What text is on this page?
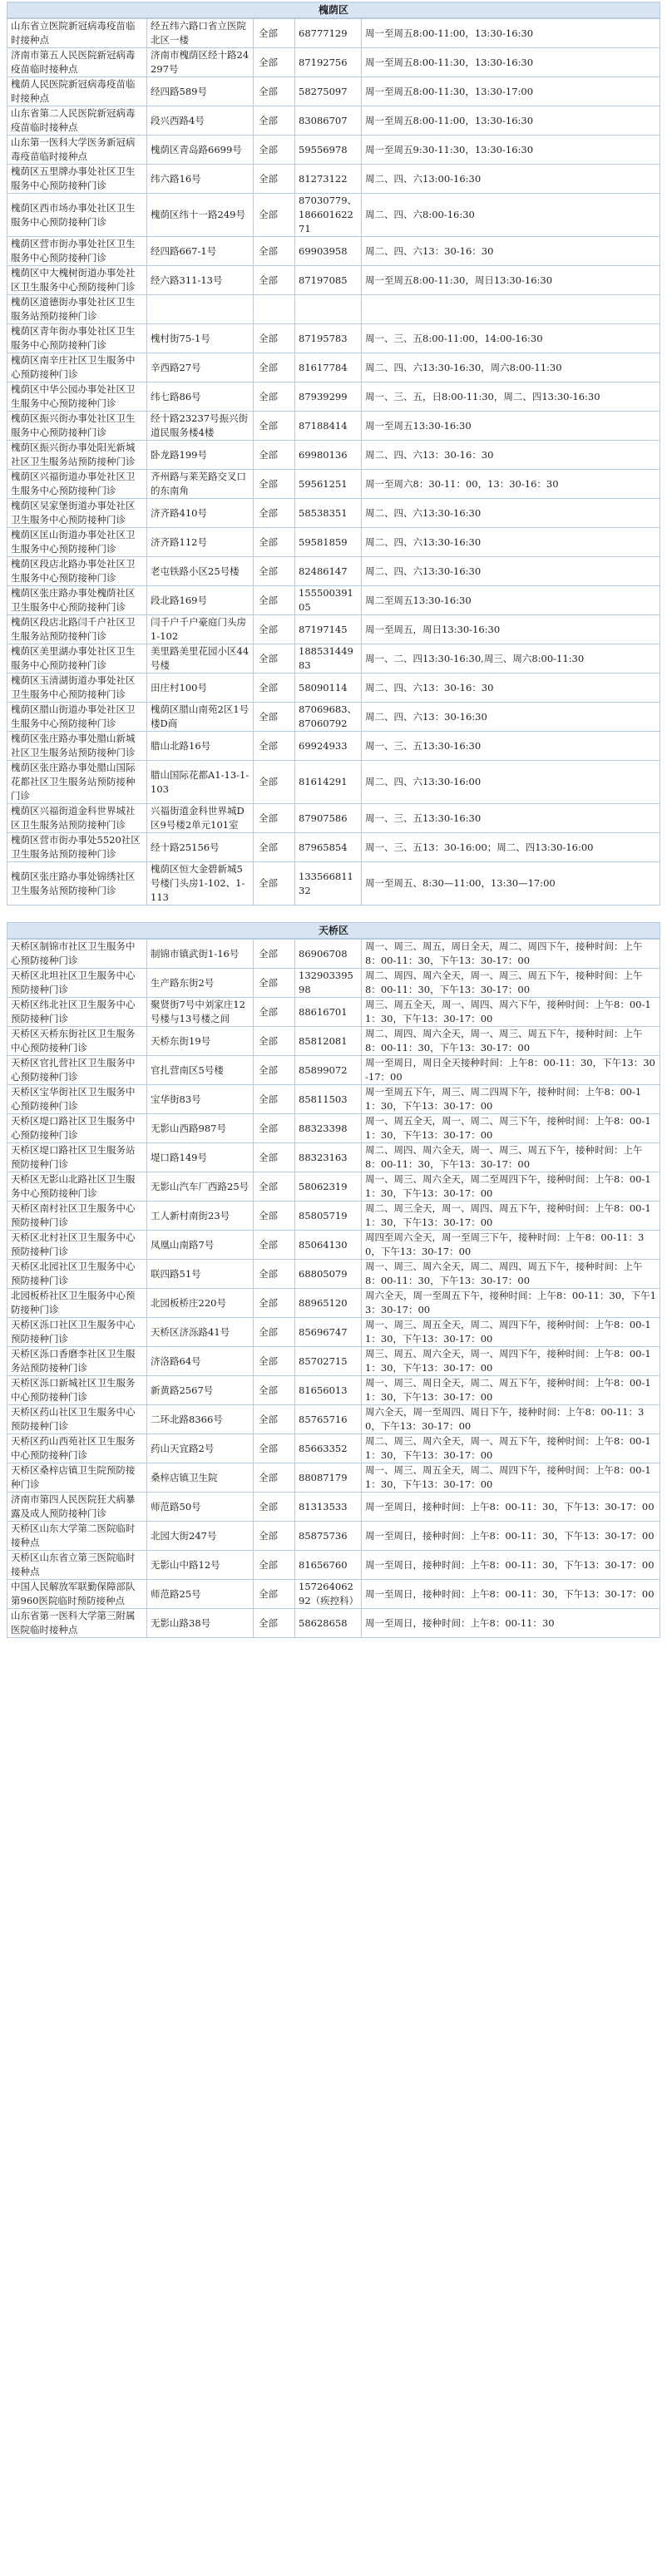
槐荫区
山东省立医院新冠病毒疫苗临时接种点	经五纬六路口省立医院北区一楼	全部	68777129	周一至周五8:00-11:00，13:30-16:30
济南市第五人民医院新冠病毒疫苗临时接种点	济南市槐荫区经十路24297号	全部	87192756	周一至周五8:00-11:30，13:30-16:30
槐荫人民医院新冠病毒疫苗临时接种点	经四路589号	全部	58275097	周一至周五8:00-11:30，13:30-17:00
山东省第二人民医院新冠病毒疫苗临时接种点	段兴西路4号	全部	83086707	周一至周五8:00-11:00，13:30-16:30
山东第一医科大学医务新冠病毒疫苗临时接种点	槐荫区青岛路6699号	全部	59556978	周一至周五9:30-11:30，13:30-16:30
槐荫区五里牌办事处社区卫生服务中心预防接种门诊	纬六路16号	全部	81273122	周二、四、六13:00-16:30
槐荫区西市场办事处社区卫生服务中心预防接种门诊	槐荫区纬十一路249号	全部	87030779、18660162271	周二、四、六8:00-16:30
槐荫区营市街办事处社区卫生服务中心预防接种门诊	经四路667-1号	全部	69903958	周二、四、六13：30-16：30
槐荫区中大槐树街道办事处社区卫生服务中心预防接种门诊	经六路311-13号	全部	87197085	周一至周五8:00-11:30，周日13:30-16:30
槐荫区道德街办事处社区卫生服务站预防接种门诊				
槐荫区青年街办事处社区卫生服务中心预防接种门诊	槐村街75-1号	全部	87195783	周一、三、五8:00-11:00，14:00-16:30
槐荫区南辛庄社区卫生服务中心预防接种门诊	辛西路27号	全部	81617784	周二、四、六13:30-16:30，周六8:00-11:30
槐荫区中华公园办事处社区卫生服务中心预防接种门诊	纬七路86号	全部	87939299	周一、三、五，日8:00-11:30，周二、四13:30-16:30
槐荫区振兴街办事处社区卫生服务中心预防接种门诊	经十路23237号振兴街道民服务楼4楼	全部	87188414	周一至周五13:30-16:30
槐荫区振兴街办事处阳光新城社区卫生服务站预防接种门诊	卧龙路199号	全部	69980136	周二、四、六13：30-16：30
槐荫区兴福街道办事处社区卫生服务中心预防接种门诊	齐州路与莱芜路交叉口的东南角	全部	59561251	周一至周六8：30-11：00，13：30-16：30
槐荫区吴家堡街道办事处社区卫生服务中心预防接种门诊	济齐路410号	全部	58538351	周二、四、六13:30-16:30
槐荫区匡山街道办事处社区卫生服务中心预防接种门诊	济齐路112号	全部	59581859	周二、四、六13:30-16:30
槐荫区段店北路办事处社区卫生服务中心预防接种门诊	老屯铁路小区25号楼	全部	82486147	周二、四、六13:30-16:30
槐荫区张庄路办事处槐荫社区卫生服务中心预防接种门诊	段北路169号	全部	15550039105	周二至周五13:30-16:30
槐荫区段店北路闫千户社区卫生服务站预防接种门诊	闫千户千户豪庭门头房1-102	全部	87197145	周一至周五，周日13:30-16:30
槐荫区美里湖办事处社区卫生服务中心预防接种门诊	美里路美里花园小区44号楼	全部	18853144983	周一、二、四13:30-16:30,周三、周六8:00-11:30
槐荫区玉清湖街道办事处社区卫生服务中心预防接种门诊	田庄村100号	全部	58090114	周二、四、六13：30-16：30
槐荫区腊山街道办事处社区卫生服务中心预防接种门诊	槐荫区腊山南苑2区1号楼D商	全部	87069683、87060792	周二、四、六13：30-16:30
槐荫区张庄路办事处腊山新城社区卫生服务站预防接种门诊	腊山北路16号	全部	69924933	周一、三、五13:30-16:30
槐荫区张庄路办事处腊山国际花都社区卫生服务站预防接种门诊	腊山国际花都A1-13-1-103	全部	81614291	周二、四、六13:30-16:00
槐荫区兴福街道金科世界城社区卫生服务站预防接种门诊	兴福街道金科世界城D区9号楼2单元101室	全部	87907586	周一、三、五13:30-16:30
槐荫区营市街办事处5520社区卫生服务站预防接种门诊	经十路25156号	全部	87965854	周一、三、五13：30-16:00；周二、四13:30-16:00
槐荫区张庄路办事处锦绣社区卫生服务站预防接种门诊	槐荫区恒大金碧新城5号楼门头房1-102、1-113	全部	13356681132	周一至周五、8:30—11:00，13:30—17:00
天桥区
天桥区制锦市社区卫生服务中心预防接种门诊	制锦市镇武街1-16号	全部	86906708	周一、周三、周五，周日全天，周二、周四下午，接种时间：上午8：00-11：30，下午13：30-17：00
天桥区北坦社区卫生服务中心预防接种门诊	生产路东街2号	全部	13290339598	周二、周四、周六全天，周一、周三、周五下午，接种时间：上午8：00-11：30，下午13：30-17：00
天桥区纬北社区卫生服务中心预防接种门诊	聚贤街7号中刘家庄12号楼与13号楼之间	全部	88616701	周三、周五全天，周一、周四、周六下午，接种时间：上午8：00-11：30，下午13：30-17：00
天桥区天桥东街社区卫生服务中心预防接种门诊	天桥东街19号	全部	85812081	周二、周四、周六全天，周一、周三、周五下午，接种时间：上午8：00-11：30，下午13：30-17：00
天桥区官扎营社区卫生服务中心预防接种门诊	官扎营南区5号楼	全部	85899072	周一至周日，周日全天接种时间：上午8：00-11：30，下午13：30-17：00
天桥区宝华街社区卫生服务中心预防接种门诊	宝华街83号	全部	85811503	周一至周五下午，周三、周二四周下午，接种时间：上午8：00-11：30，下午13：30-17：00
天桥区堤口路社区卫生服务中心预防接种门诊	无影山西路987号	全部	88323398	周一、周五全天，周一、周二、周三下午，接种时间：上午8：00-11：30，下午13：30-17：00
天桥区堤口路社区卫生服务站预防接种门诊	堤口路149号	全部	88323163	周二、周四、周六全天，周一、周三、周五下午，接种时间：上午8：00-11：30，下午13：30-17：00
天桥区无影山北路社区卫生服务中心预防接种门诊	无影山汽车厂西路25号	全部	58062319	周一、周三、周六全天，周二至周四下午，接种时间：上午8：00-11：30，下午13：30-17：00
天桥区南村社区卫生服务中心预防接种门诊	工人新村南街23号	全部	85805719	周二、周三全天，周一、周四、周五下午，接种时间：上午8：00-11：30，下午13：30-17：00
天桥区北村社区卫生服务中心预防接种门诊	凤凰山南路7号	全部	85064130	周四至周六全天，周一至周三下午，接种时间：上午8：00-11：30，下午13：30-17：00
天桥区北园社区卫生服务中心预防接种门诊	联四路51号	全部	68805079	周一、周三、周六全天，周二、周四、周五下午，接种时间：上午8：00-11：30，下午13：30-17：00
北园板桥社区卫生服务中心预防接种门诊	北园板桥庄220号	全部	88965120	周六全天，周一至周五下午，接种时间：上午8：00-11：30，下午13：30-17：00
天桥区泺口社区卫生服务中心预防接种门诊	天桥区济泺路41号	全部	85696747	周一、周三、周五全天，周二、周四下午，接种时间：上午8：00-11：30，下午13：30-17：00
天桥区泺口香磨李社区卫生服务站预防接种门诊	济洛路64号	全部	85702715	周三、周五、周六全天，周一、周四下午，接种时间：上午8：00-11：30，下午13：30-17：00
天桥区泺口新城社区卫生服务中心预防接种门诊	新黄路2567号	全部	81656013	周一、周三、周日全天，周二、周五下午，接种时间：上午8：00-11：30，下午13：30-17：00
天桥区药山社区卫生服务中心预防接种门诊	二环北路8366号	全部	85765716	周六全天，周一至周四、周日下午，接种时间：上午8：00-11：30，下午13：30-17：00
天桥区药山西苑社区卫生服务中心预防接种门诊	药山天宜路2号	全部	85663352	周二、周三、周六全天，周一、周五下午，接种时间：上午8：00-11：30，下午13：30-17：00
天桥区桑梓店镇卫生院预防接种门诊	桑梓店镇卫生院	全部	88087179	周一、周三、周五全天，周二、周四下午，接种时间：上午8：00-11：30，下午13：30-17：00
济南市第四人民医院狂犬病暴露及成人预防接种门诊	师范路50号	全部	81313533	周一至周日，接种时间：上午8：00-11：30，下午13：30-17：00
天桥区山东大学第二医院临时接种点	北园大街247号	全部	85875736	周一至周日，接种时间：上午8：00-11：30，下午13：30-17：00
天桥区山东省立第三医院临时接种点	无影山中路12号	全部	81656760	周一至周日，接种时间：上午8：00-11：30，下午13：30-17：00
中国人民解放军联勤保障部队第960医院临时预防接种点	师范路25号	全部	15726406292（疾控科）	周一至周日，接种时间：上午8：00-11：30，下午13：30-17：00
山东省第一医科大学第三附属医院临时接种点	无影山路38号	全部	58628658	周一至周日，接种时间：上午8：00-11：30
